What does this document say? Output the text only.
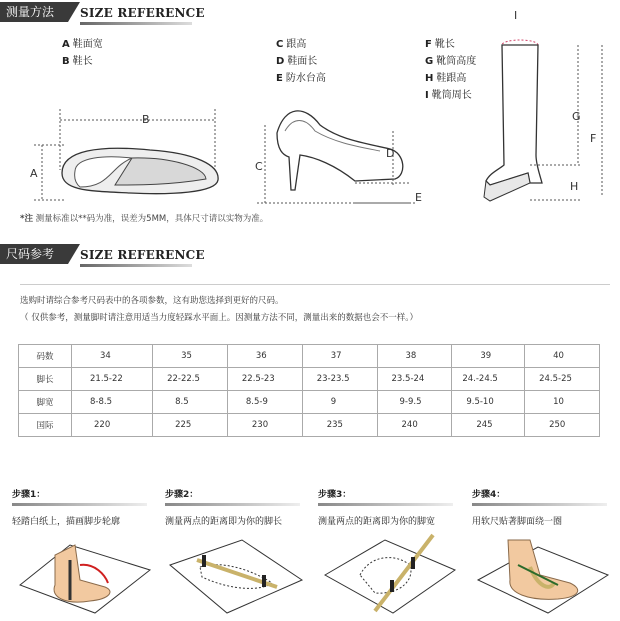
测量方法	SIZE REFERENCE
A 鞋面宽
B 鞋长
C 跟高
D 鞋面长
E 防水台高
F 靴长
G 靴筒高度
H 鞋跟高
I 靴筒周长
B
A
C
D
E
I
G
F
H
*注 测量标准以**码为准，误差为5MM，具体尺寸请以实物为准。
尺码参考	SIZE REFERENCE
选购时请综合参考尺码表中的各项参数，这有助您选择到更好的尺码。
（ 仅供参考，测量脚时请注意用适当力度轻踩水平面上。因测量方法不同，测量出来的数据也会不一样。）
码数	34	35	36	37	38	39	40
脚长	21.5-22	22-22.5	22.5-23	23-23.5	23.5-24	24.-24.5	24.5-25
脚宽	8-8.5	8.5	8.5-9	9	9-9.5	9.5-10	10
国际	220	225	230	235	240	245	250
步骤1：
轻踏白纸上，描画脚步轮廓
步骤2：
测量两点的距离即为你的脚长
步骤3：
测量两点的距离即为你的脚宽
步骤4：
用软尺贴著脚面绕一圈
